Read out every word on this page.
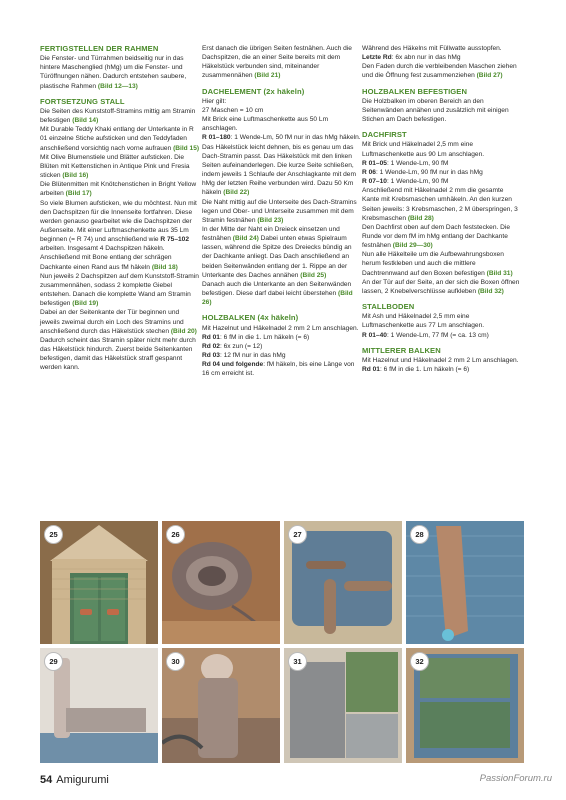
FERTIGSTELLEN DER RAHMEN

Die Fenster- und Türrahmen beidseitig nur in das hintere Maschenglied (hMg) um die Fenster- und Türöffnungen nähen. Dadurch entstehen saubere, plastische Rahmen (Bild 12—13)

FORTSETZUNG STALL

Die Seiten des Kunststoff-Stramins mittig am Stramin befestigen (Bild 14)

Mit Durable Teddy Khaki entlang der Unterkante in R 01 einzelne Stiche aufsticken und den Teddyfaden anschließend vorsichtig nach vorne aufrauen (Bild 15)

Mit Olive Blumenstiele und Blätter aufsticken. Die Blüten mit Kettenstichen in Antique Pink und Fresia sticken (Bild 16)

Die Blütenmitten mit Knötchenstichen in Bright Yellow arbeiten (Bild 17)

So viele Blumen aufsticken, wie du möchtest. Nun mit den Dachspitzen für die Innenseite fortfahren. Diese werden genauso gearbeitet wie die Dachspitzen der Außenseite. Mit einer Luftmaschenkette aus 35 Lm beginnen (= R 74) und anschließend wie R 75–102 arbeiten. Insgesamt 4 Dachspitzen häkeln. Anschließend mit Bone entlang der schrägen Dachkante einen Rand aus fM häkeln (Bild 18)

Nun jeweils 2 Dachspitzen auf dem Kunststoff-Stramin zusammennähen, sodass 2 komplette Giebel entstehen. Danach die komplette Wand am Stramin befestigen (Bild 19)

Dabei an der Seitenkante der Tür beginnen und jeweils zweimal durch ein Loch des Stramins und anschließend durch das Häkelstück stechen (Bild 20)

Dadurch scheint das Stramin später nicht mehr durch das Häkelstück hindurch. Zuerst beide Seitenkanten befestigen, damit das Häkelstück straff gespannt werden kann.

Erst danach die übrigen Seiten festnähen. Auch die Dachspitzen, die an einer Seite bereits mit dem Häkelstück verbunden sind, miteinander zusammennähen (Bild 21)

DACHELEMENT (2x häkeln)

Hier gilt:

27 Maschen = 10 cm

Mit Brick eine Luftmaschenkette aus 50 Lm anschlagen.

R 01–180: 1 Wende-Lm, 50 fM nur in das hMg häkeln.

Das Häkelstück leicht dehnen, bis es genau um das Dach-Stramin passt. Das Häkelstück mit den linken Seiten aufeinanderlegen. Die kurze Seite schließen, indem jeweils 1 Schlaufe der Anschlagkante mit dem hMg der letzten Reihe verbunden wird. Dazu 50 Km häkeln (Bild 22)

Die Naht mittig auf die Unterseite des Dach-Stramins legen und Ober- und Unterseite zusammen mit dem Stramin festnähen (Bild 23)

In der Mitte der Naht ein Dreieck einsetzen und festnähen (Bild 24) Dabei unten etwas Spielraum lassen, während die Spitze des Dreiecks bündig an der Dachkante anliegt. Das Dach anschließend an beiden Seitenwänden entlang der 1. Rippe an der Unterkante des Daches annähen (Bild 25)

Danach auch die Unterkante an den Seitenwänden befestigen. Diese darf dabei leicht überstehen (Bild 26)

HOLZBALKEN (4x häkeln)

Mit Hazelnut und Häkelnadel 2 mm 2 Lm anschlagen.

Rd 01: 6 fM in die 1. Lm häkeln (= 6)

Rd 02: 6x zun (= 12)

Rd 03: 12 fM nur in das hMg

Rd 04 und folgende: fM häkeln, bis eine Länge von 16 cm erreicht ist.

Während des Häkelns mit Füllwatte ausstopfen.

Letzte Rd: 6x abn nur in das hMg

Den Faden durch die verbleibenden Maschen ziehen und die Öffnung fest zusammenziehen (Bild 27)

HOLZBALKEN BEFESTIGEN

Die Holzbalken im oberen Bereich an den Seitenwänden annähen und zusätzlich mit einigen Stichen am Dach befestigen.

DACHFIRST

Mit Brick und Häkelnadel 2,5 mm eine Luftmaschenkette aus 90 Lm anschlagen.

R 01–05: 1 Wende-Lm, 90 fM

R 06: 1 Wende-Lm, 90 fM nur in das hMg

R 07–10: 1 Wende-Lm, 90 fM

Anschließend mit Häkelnadel 2 mm die gesamte Kante mit Krebsmaschen umhäkeln. An den kurzen Seiten jeweils: 3 Krebsmaschen, 2 M überspringen, 3 Krebsmaschen (Bild 28)

Den Dachfirst oben auf dem Dach feststecken. Die Runde vor dem fM im hMg entlang der Dachkante festnähen (Bild 29—30)

Nun alle Häkelteile um die Aufbewahrungsboxen herum festkleben und auch die mittlere Dachtrennwand auf den Boxen befestigen (Bild 31)

An der Tür auf der Seite, an der sich die Boxen öffnen lassen, 2 Knebelverschlüsse aufkleben (Bild 32)

STALLBODEN

Mit Ash und Häkelnadel 2,5 mm eine Luftmaschenkette aus 77 Lm anschlagen.

R 01–40: 1 Wende-Lm, 77 fM (= ca. 13 cm)

MITTLERER BALKEN

Mit Hazelnut und Häkelnadel 2 mm 2 Lm anschlagen.

Rd 01: 6 fM in die 1. Lm häkeln (= 6)

25	26	27	28
29	30	31	32
54 Amigurumi	PassionForum.ru
